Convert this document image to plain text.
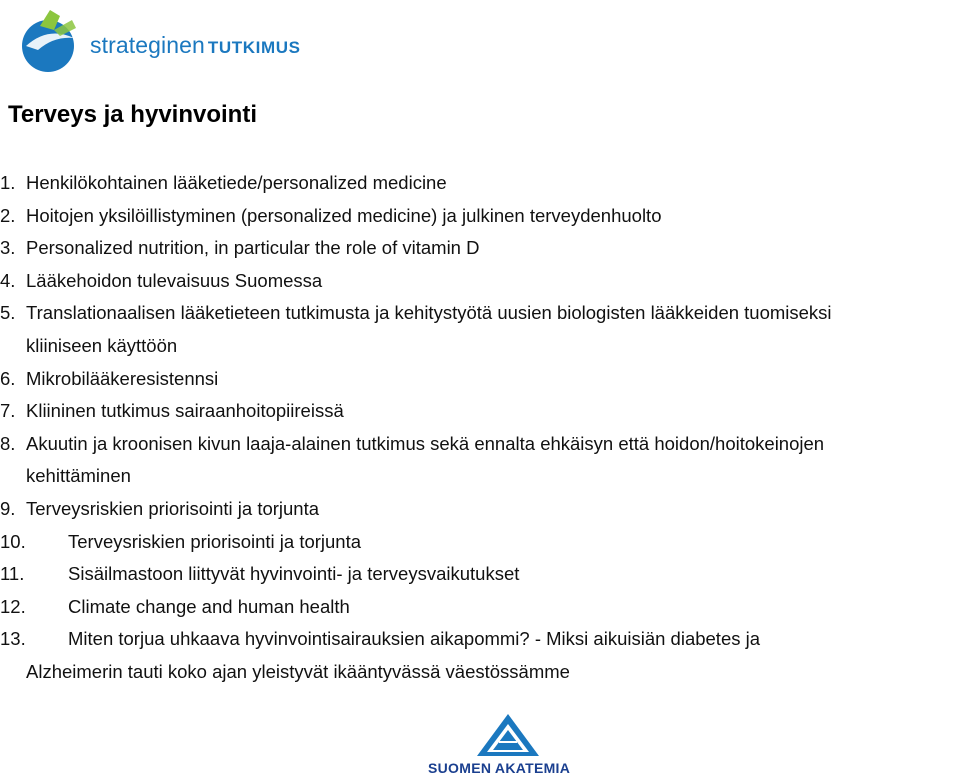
strateginen TUTKIMUS
Terveys ja hyvinvointi
1. Henkilökohtainen lääketiede/personalized medicine
2. Hoitojen yksilöillistyminen (personalized medicine) ja julkinen terveydenhuolto
3. Personalized nutrition, in particular the role of vitamin D
4. Lääkehoidon tulevaisuus Suomessa
5. Translationaalisen lääketieteen tutkimusta ja kehitystyötä uusien biologisten lääkkeiden tuomiseksi
kliiniseen käyttöön
6. Mikrobilääkeresistennsi
7. Kliininen tutkimus sairaanhoitopiireissä
8. Akuutin ja kroonisen kivun laaja-alainen tutkimus sekä ennalta ehkäisyn että hoidon/hoitokeinojen
kehittäminen
9. Terveysriskien priorisointi ja torjunta
10. Terveysriskien priorisointi ja torjunta
11. Sisäilmastoon liittyvät hyvinvointi- ja terveysvaikutukset
12. Climate change and human health
13. Miten torjua uhkaava hyvinvointisairauksien aikapommi? - Miksi aikuisiän diabetes ja
Alzheimerin tauti koko ajan yleistyvät ikääntyvässä väestössämme
SUOMEN AKATEMIA
